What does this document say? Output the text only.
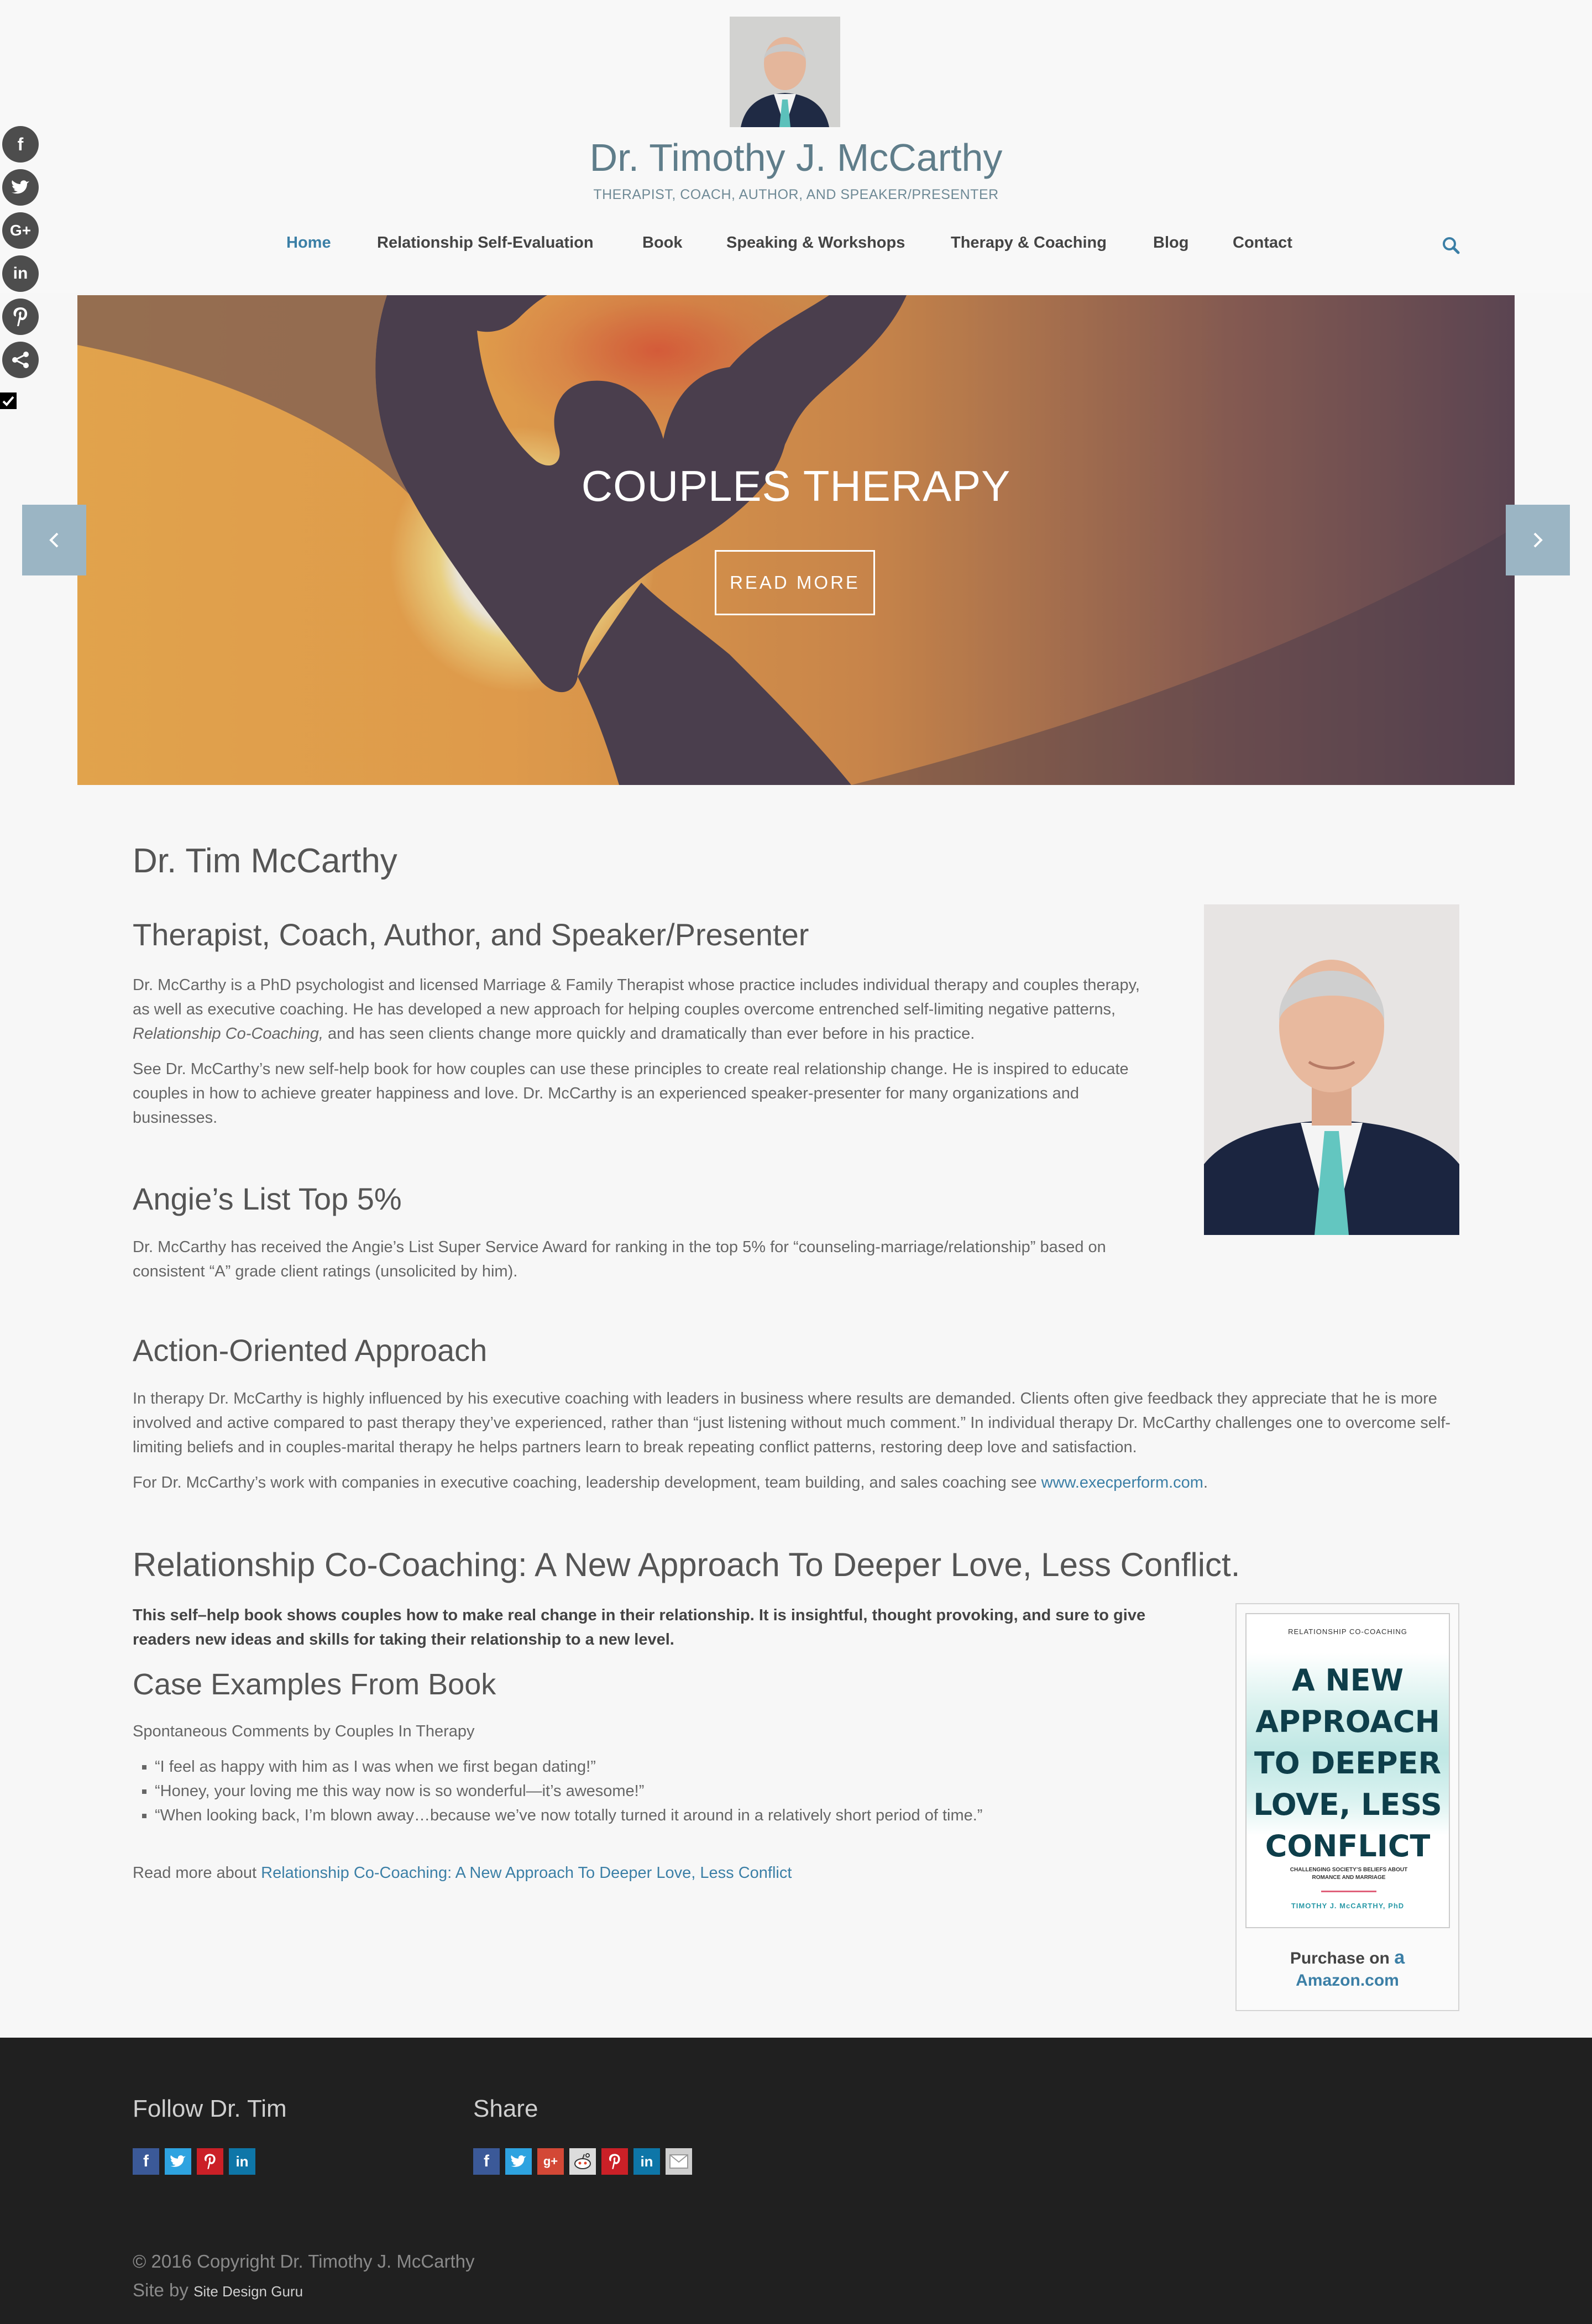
Dr. Timothy J. McCarthy
THERAPIST, COACH, AUTHOR, AND SPEAKER/PRESENTER
Home	Relationship Self-Evaluation	Book	Speaking & Workshops	Therapy & Coaching	Blog	Contact
f
G+
in
COUPLES THERAPY
READ MORE
Dr. Tim McCarthy
Therapist, Coach, Author, and Speaker/Presenter
Dr. McCarthy is a PhD psychologist and licensed Marriage & Family Therapist whose practice includes individual therapy and couples therapy, as well as executive coaching. He has developed a new approach for helping couples overcome entrenched self-limiting negative patterns, Relationship Co-Coaching, and has seen clients change more quickly and dramatically than ever before in his practice.
See Dr. McCarthy’s new self-help book for how couples can use these principles to create real relationship change. He is inspired to educate couples in how to achieve greater happiness and love. Dr. McCarthy is an experienced speaker-presenter for many organizations and businesses.
Angie’s List Top 5%
Dr. McCarthy has received the Angie’s List Super Service Award for ranking in the top 5% for “counseling-marriage/relationship” based on consistent “A” grade client ratings (unsolicited by him).
Action-Oriented Approach
In therapy Dr. McCarthy is highly influenced by his executive coaching with leaders in business where results are demanded. Clients often give feedback they appreciate that he is more involved and active compared to past therapy they’ve experienced, rather than “just listening without much comment.” In individual therapy Dr. McCarthy challenges one to overcome self-limiting beliefs and in couples-marital therapy he helps partners learn to break repeating conflict patterns, restoring deep love and satisfaction.
For Dr. McCarthy’s work with companies in executive coaching, leadership development, team building, and sales coaching see www.execperform.com.
Relationship Co-Coaching: A New Approach To Deeper Love, Less Conflict.
This self–help book shows couples how to make real change in their relationship. It is insightful, thought provoking, and sure to give readers new ideas and skills for taking their relationship to a new level.
Case Examples From Book
Spontaneous Comments by Couples In Therapy
▪ “I feel as happy with him as I was when we first began dating!”
▪ “Honey, your loving me this way now is so wonderful—it’s awesome!”
▪ “When looking back, I’m blown away…because we’ve now totally turned it around in a relatively short period of time.”
Read more about Relationship Co-Coaching: A New Approach To Deeper Love, Less Conflict
RELATIONSHIP CO-COACHING
A NEW
APPROACH
TO DEEPER
LOVE, LESS
CONFLICT
CHALLENGING SOCIETY’S BELIEFS ABOUT ROMANCE AND MARRIAGE
TIMOTHY J. McCARTHY, PhD
Purchase on a
Amazon.com
Follow Dr. Tim	Share
f	in	f	g+	in
© 2016 Copyright Dr. Timothy J. McCarthy
Site by Site Design Guru
